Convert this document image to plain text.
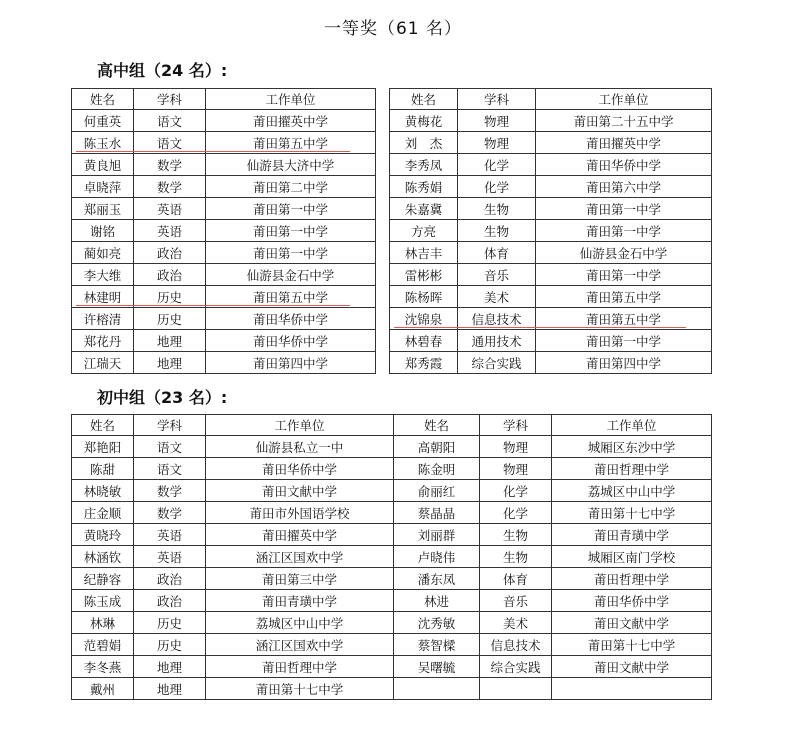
一等奖（61 名）
高中组（24 名）:
姓名	学科	工作单位		姓名	学科	工作单位
何重英	语文	莆田擢英中学		黄梅花	物理	莆田第二十五中学
陈玉水	语文	莆田第五中学		刘　杰	物理	莆田擢英中学
黄良旭	数学	仙游县大济中学		李秀凤	化学	莆田华侨中学
卓晓萍	数学	莆田第二中学		陈秀娟	化学	莆田第六中学
郑丽玉	英语	莆田第一中学		朱嘉冀	生物	莆田第一中学
谢铭	英语	莆田第一中学		方亮	生物	莆田第一中学
蔺如亮	政治	莆田第一中学		林吉丰	体育	仙游县金石中学
李大维	政治	仙游县金石中学		雷彬彬	音乐	莆田第一中学
林建明	历史	莆田第五中学		陈杨晖	美术	莆田第五中学
许榕清	历史	莆田华侨中学		沈锦泉	信息技术	莆田第五中学
郑花丹	地理	莆田华侨中学		林碧春	通用技术	莆田第一中学
江瑞天	地理	莆田第四中学		郑秀霞	综合实践	莆田第四中学
初中组（23 名）:
姓名	学科	工作单位		姓名	学科	工作单位
郑艳阳	语文	仙游县私立一中		高朝阳	物理	城厢区东沙中学
陈甜	语文	莆田华侨中学		陈金明	物理	莆田哲理中学
林晓敏	数学	莆田文献中学		俞丽红	化学	荔城区中山中学
庄金顺	数学	莆田市外国语学校		蔡晶晶	化学	莆田第十七中学
黄晓玲	英语	莆田擢英中学		刘丽群	生物	莆田青璜中学
林涵钦	英语	涵江区国欢中学		卢晓伟	生物	城厢区南门学校
纪静容	政治	莆田第三中学		潘东凤	体育	莆田哲理中学
陈玉成	政治	莆田青璜中学		林进	音乐	莆田华侨中学
林琳	历史	荔城区中山中学		沈秀敏	美术	莆田文献中学
范碧娟	历史	涵江区国欢中学		蔡智樑	信息技术	莆田第十七中学
李冬燕	地理	莆田哲理中学		吴曙毓	综合实践	莆田文献中学
戴州	地理	莆田第十七中学				
